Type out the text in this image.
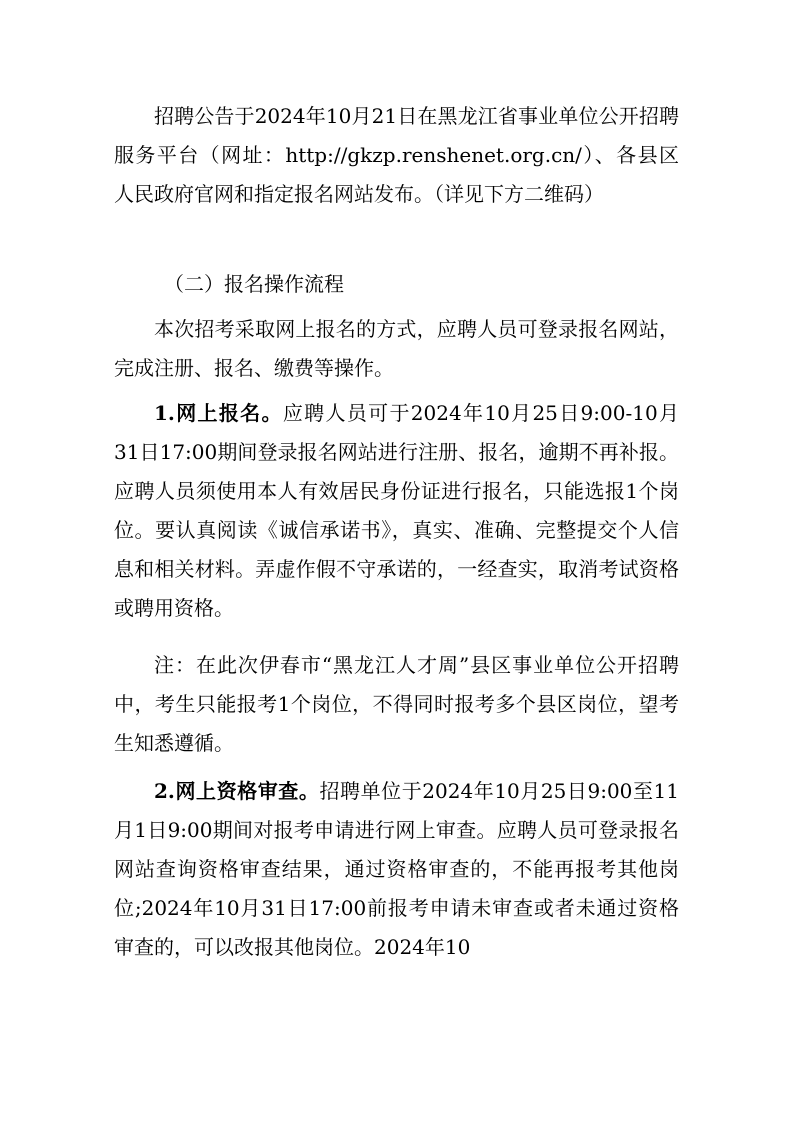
招聘公告于2024年10月21日在黑龙江省事业单位公开招聘服务平台（网址：http://gkzp.renshenet.org.cn/）、各县区人民政府官网和指定报名网站发布。（详见下方二维码）

（二）报名操作流程

本次招考采取网上报名的方式，应聘人员可登录报名网站，完成注册、报名、缴费等操作。

1.网上报名。应聘人员可于2024年10月25日9:00-10月31日17:00期间登录报名网站进行注册、报名，逾期不再补报。应聘人员须使用本人有效居民身份证进行报名，只能选报1个岗位。要认真阅读《诚信承诺书》，真实、准确、完整提交个人信息和相关材料。弄虚作假不守承诺的，一经查实，取消考试资格或聘用资格。

注：在此次伊春市“黑龙江人才周”县区事业单位公开招聘中，考生只能报考1个岗位，不得同时报考多个县区岗位，望考生知悉遵循。

2.网上资格审查。招聘单位于2024年10月25日9:00至11月1日9:00期间对报考申请进行网上审查。应聘人员可登录报名网站查询资格审查结果，通过资格审查的，不能再报考其他岗位;2024年10月31日17:00前报考申请未审查或者未通过资格审查的，可以改报其他岗位。2024年10
